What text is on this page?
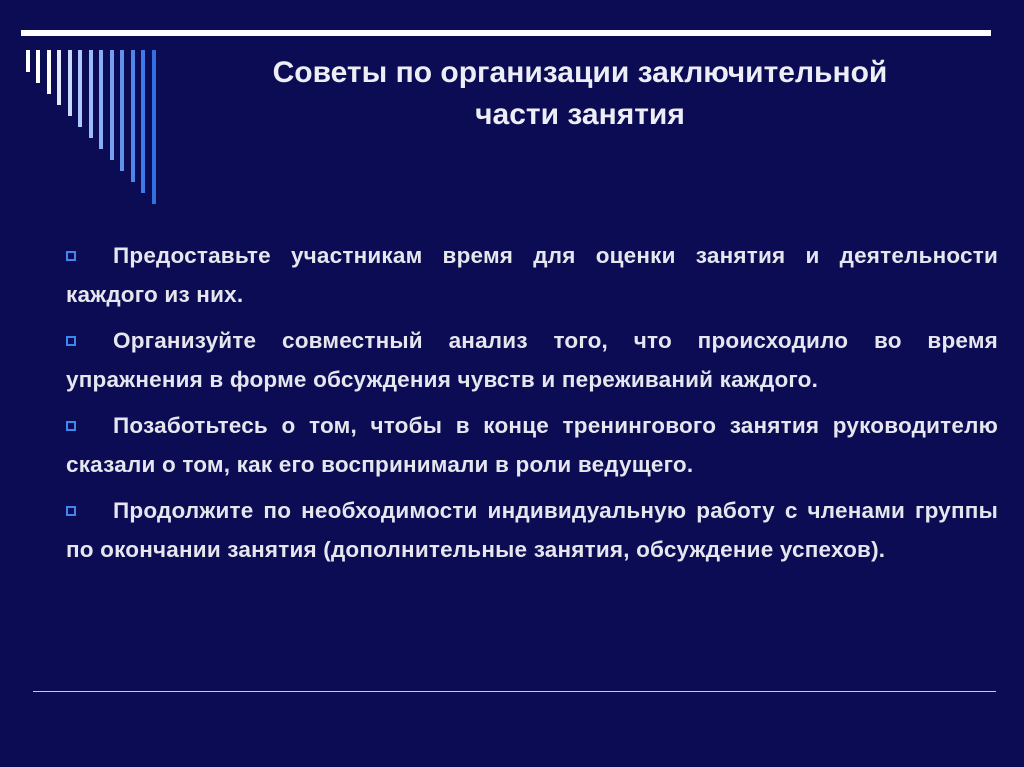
Советы по организации заключительной
части занятия
Предоставьте участникам время для оценки занятия и деятельности каждого из них.
Организуйте совместный анализ того, что происходило во время упражнения в форме обсуждения чувств и переживаний каждого.
Позаботьтесь о том, чтобы в конце тренингового занятия руководителю сказали о том, как его воспринимали в роли ведущего.
Продолжите по необходимости индивидуальную работу с членами группы по окончании занятия (дополнительные занятия, обсуждение успехов).
